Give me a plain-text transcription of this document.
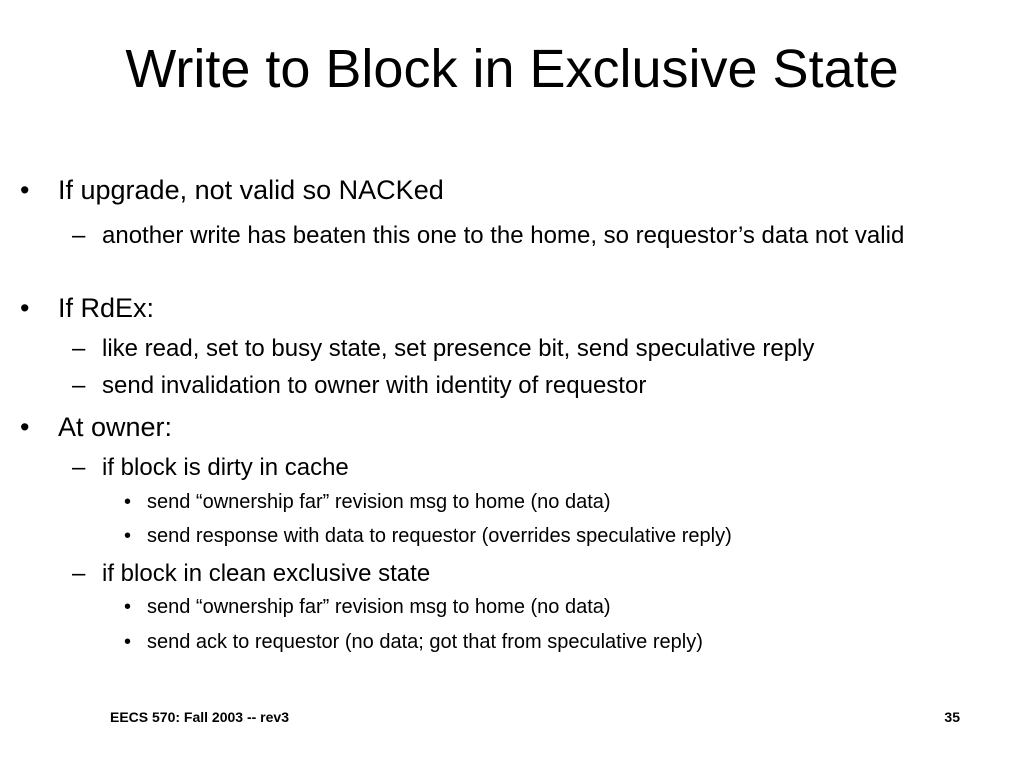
Write to Block in Exclusive State
• If upgrade, not valid so NACKed
– another write has beaten this one to the home, so requestor’s data not valid
• If RdEx:
– like read, set to busy state, set presence bit, send speculative reply
– send invalidation to owner with identity of requestor
• At owner:
– if block is dirty in cache
• send “ownership far” revision msg to home (no data)
• send response with data to requestor (overrides speculative reply)
– if block in clean exclusive state
• send “ownership far” revision msg to home (no data)
• send ack to requestor (no data; got that from speculative reply)
EECS 570: Fall 2003 -- rev3	35
